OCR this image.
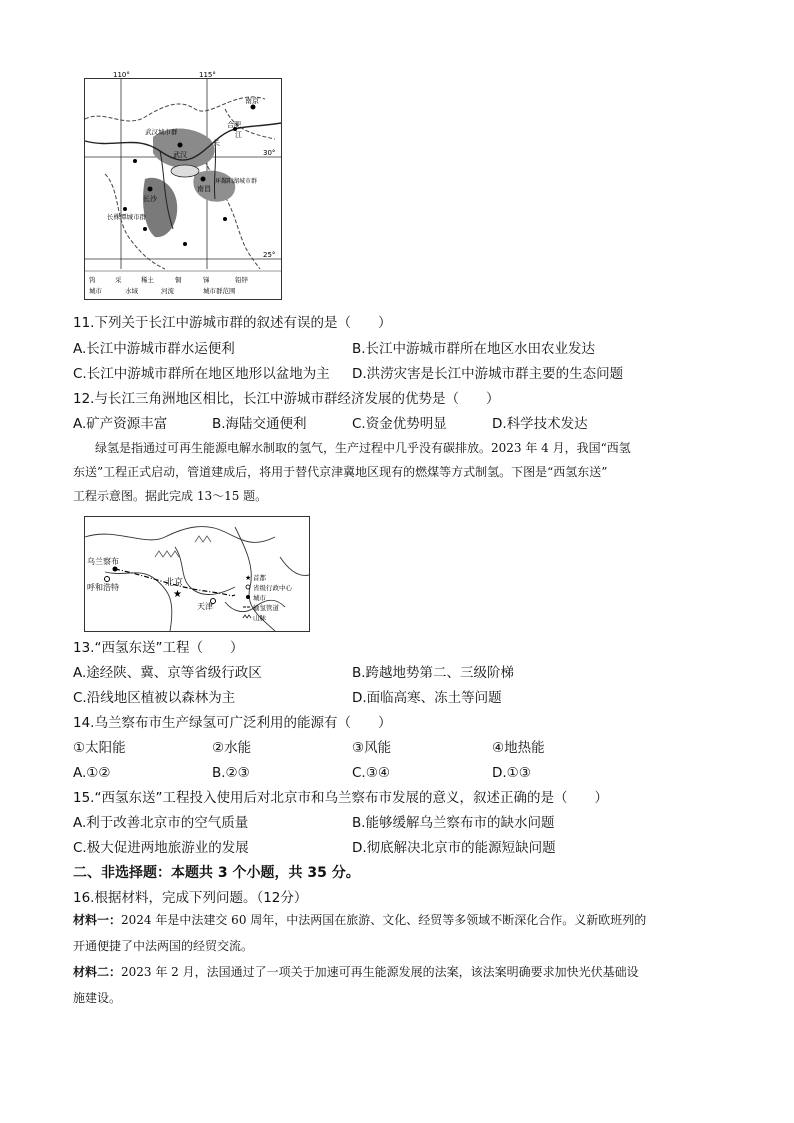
110°	115°
30°
25°
南京
合肥
武汉城市群
武汉
长沙
长株潭城市群
南昌
环鄱阳湖城市群
长
江
钨	采	稀土	铜	锑	铅锌
城市	水域	河流	城市群范围
11.下列关于长江中游城市群的叙述有误的是（　　）
A.长江中游城市群水运便利	B.长江中游城市群所在地区水田农业发达
C.长江中游城市群所在地区地形以盆地为主 D.洪涝灾害是长江中游城市群主要的生态问题
12.与长江三角洲地区相比，长江中游城市群经济发展的优势是（　　）
A.矿产资源丰富	B.海陆交通便利	C.资金优势明显	D.科学技术发达
绿氢是指通过可再生能源电解水制取的氢气，生产过程中几乎没有碳排放。2023 年 4 月，我国“西氢
东送”工程正式启动，管道建成后，将用于替代京津冀地区现有的燃煤等方式制氢。下图是“西氢东送”
工程示意图。据此完成 13～15 题。
★
乌兰察布
呼和浩特	北京
天津
★ 首都
省级行政中心
城市
输氢管道
山脉
13.“西氢东送”工程（　　）
A.途经陕、冀、京等省级行政区	B.跨越地势第二、三级阶梯
C.沿线地区植被以森林为主	D.面临高寒、冻土等问题
14.乌兰察布市生产绿氢可广泛利用的能源有（　　）
①太阳能	②水能	③风能	④地热能
A.①②	B.②③	C.③④	D.①③
15.“西氢东送”工程投入使用后对北京市和乌兰察布市发展的意义，叙述正确的是（　　）
A.利于改善北京市的空气质量	B.能够缓解乌兰察布市的缺水问题
C.极大促进两地旅游业的发展	D.彻底解决北京市的能源短缺问题
二、非选择题：本题共 3 个小题，共 35 分。
16.根据材料，完成下列问题。（12分）
材料一：2024 年是中法建交 60 周年，中法两国在旅游、文化、经贸等多领域不断深化合作。义新欧班列的
开通便捷了中法两国的经贸交流。
材料二：2023 年 2 月，法国通过了一项关于加速可再生能源发展的法案，该法案明确要求加快光伏基础设
施建设。
